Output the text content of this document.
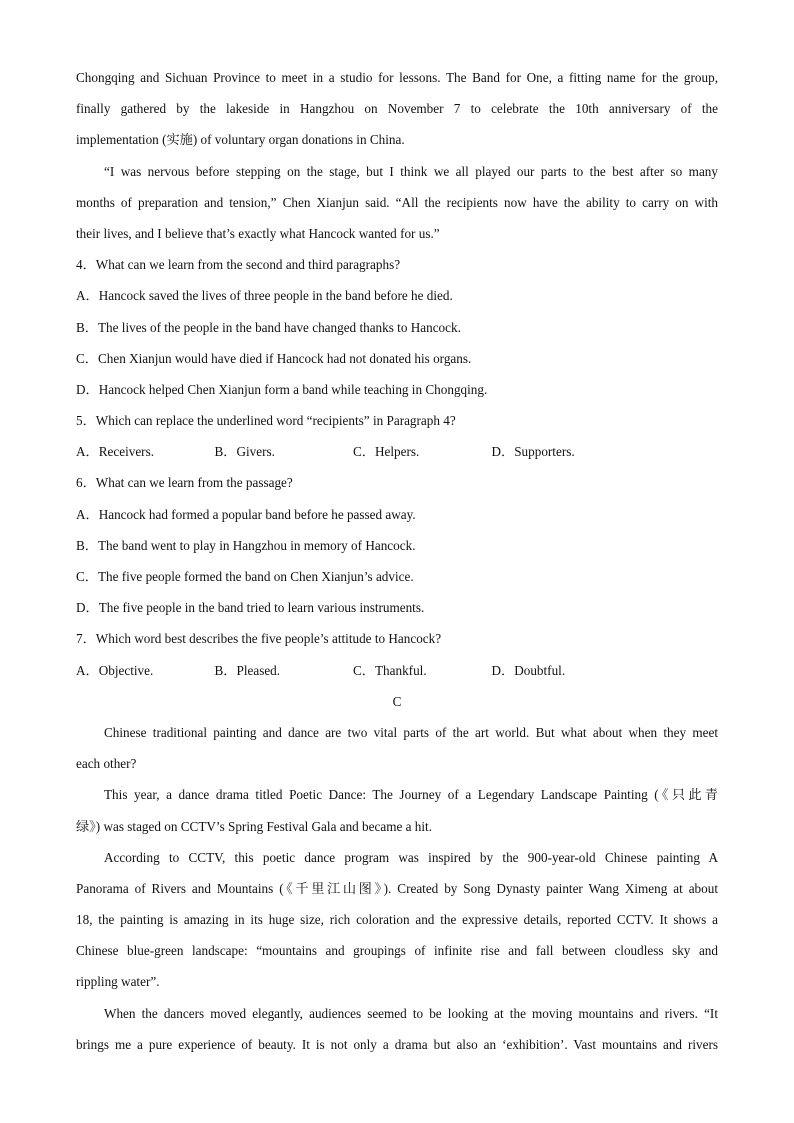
Chongqing and Sichuan Province to meet in a studio for lessons. The Band for One, a fitting name for the group,
finally gathered by the lakeside in Hangzhou on November 7 to celebrate the 10th anniversary of the
implementation (实施) of voluntary organ donations in China.
“I was nervous before stepping on the stage, but I think we all played our parts to the best after so many
months of preparation and tension,” Chen Xianjun said. “All the recipients now have the ability to carry on with
their lives, and I believe that’s exactly what Hancock wanted for us.”
4．What can we learn from the second and third paragraphs?
A．Hancock saved the lives of three people in the band before he died.
B．The lives of the people in the band have changed thanks to Hancock.
C．Chen Xianjun would have died if Hancock had not donated his organs.
D．Hancock helped Chen Xianjun form a band while teaching in Chongqing.
5．Which can replace the underlined word “recipients” in Paragraph 4?
A．Receivers.	B．Givers.	C．Helpers.	D．Supporters.
6．What can we learn from the passage?
A．Hancock had formed a popular band before he passed away.
B．The band went to play in Hangzhou in memory of Hancock.
C．The five people formed the band on Chen Xianjun’s advice.
D．The five people in the band tried to learn various instruments.
7．Which word best describes the five people’s attitude to Hancock?
A．Objective.	B．Pleased.	C．Thankful.	D．Doubtful.
C
Chinese traditional painting and dance are two vital parts of the art world. But what about when they meet
each other?
This year, a dance drama titled Poetic Dance: The Journey of a Legendary Landscape Painting (《只此青
绿》) was staged on CCTV’s Spring Festival Gala and became a hit.
According to CCTV, this poetic dance program was inspired by the 900-year-old Chinese painting A
Panorama of Rivers and Mountains (《千里江山图》). Created by Song Dynasty painter Wang Ximeng at about
18, the painting is amazing in its huge size, rich coloration and the expressive details, reported CCTV. It shows a
Chinese blue-green landscape: “mountains and groupings of infinite rise and fall between cloudless sky and
rippling water”.
When the dancers moved elegantly, audiences seemed to be looking at the moving mountains and rivers. “It
brings me a pure experience of beauty. It is not only a drama but also an ‘exhibition’. Vast mountains and rivers
